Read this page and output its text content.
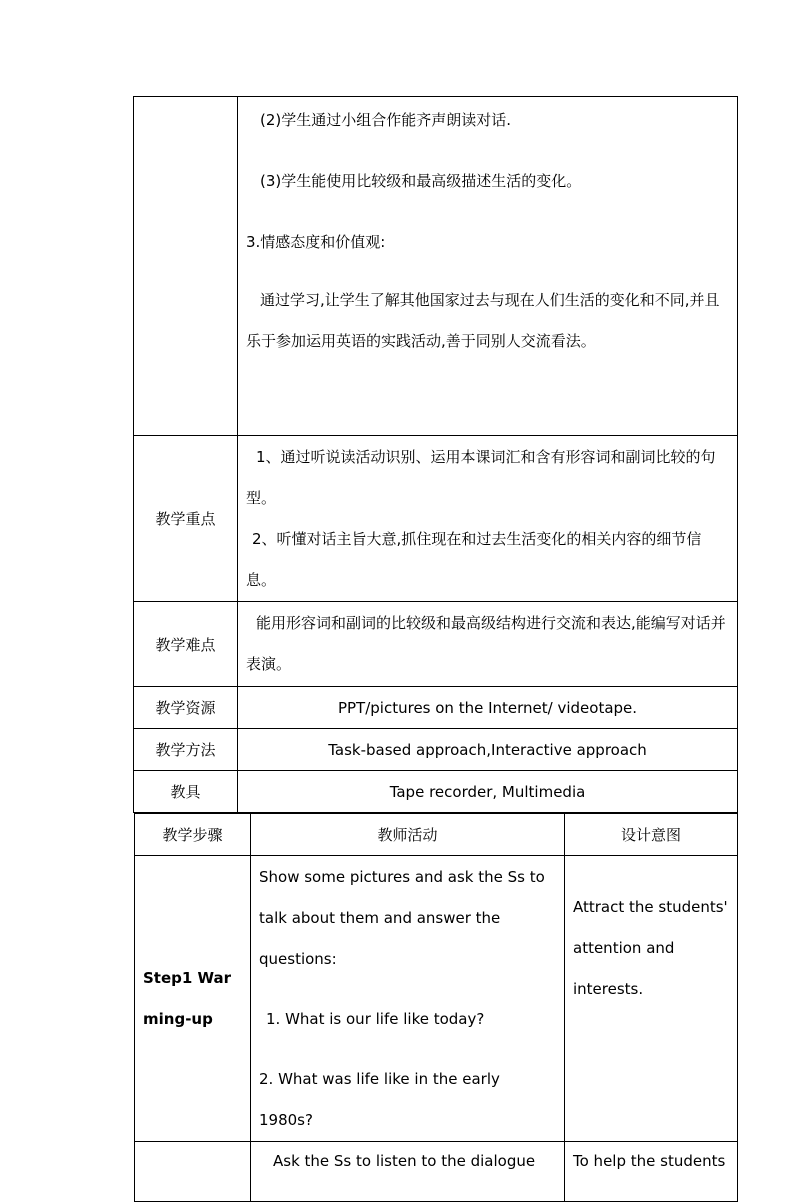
	(2)学生通过小组合作能齐声朗读对话.

(3)学生能使用比较级和最高级描述生活的变化。

3.情感态度和价值观:

通过学习,让学生了解其他国家过去与现在人们生活的变化和不同,并且乐于参加运用英语的实践活动,善于同别人交流看法。

教学重点	1、通过听说读活动识别、运用本课词汇和含有形容词和副词比较的句型。

2、听懂对话主旨大意,抓住现在和过去生活变化的相关内容的细节信息。

教学难点	能用形容词和副词的比较级和最高级结构进行交流和表达,能编写对话并表演。

教学资源	PPT/pictures on the Internet/ videotape.
教学方法	Task-based approach,Interactive approach
教具	Tape recorder, Multimedia
教学步骤	教师活动	设计意图

Step1 Warming-up	Show some pictures and ask the Ss to talk about them and answer the questions:

1. What is our life like today?

2. What was life like in the early 1980s?	Attract the students' attention and interests.

	Ask the Ss to listen to the dialogue	To help the students
